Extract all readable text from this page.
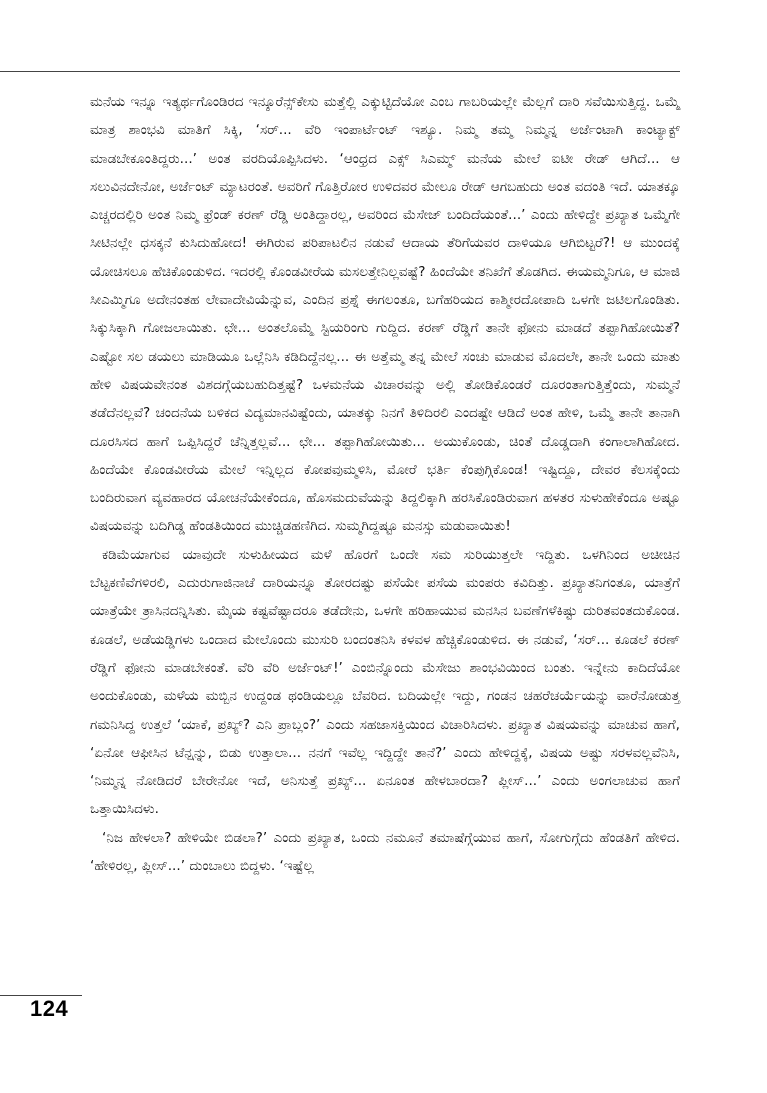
ಮನೆಯ ಇನ್ನೂ ಇತ್ಯರ್ಥಗೊಂಡಿರದ ಇನ್ಶೂರೆನ್ಸ್‌ಕೇಸು ಮತ್ತೆಲ್ಲಿ ಎಕ್ಕುಟ್ಟಿದೆಯೋ ಎಂಬ ಗಾಬರಿಯಲ್ಲೇ ಮೆಲ್ಲಗೆ ದಾರಿ ಸವೆಯಿಸುತ್ತಿದ್ದ. ಒಮ್ಮೆ ಮಾತ್ರ ಶಾಂಭವಿ ಮಾತಿಗೆ ಸಿಕ್ಕಿ, ‘ಸರ್... ವೆರಿ ಇಂಪಾರ್ಟೆಂಟ್ ಇಶ್ಯೂ. ನಿಮ್ಮ ತಮ್ಮ ನಿಮ್ಮನ್ನ ಅರ್ಜೆಂಟಾಗಿ ಕಾಂಟ್ಯಾಕ್ಟ್ ಮಾಡಬೇಕೂಂತಿದ್ದರು...’ ಅಂತ ವರದಿಯೊಪ್ಪಿಸಿದಳು. ‘ಆಂಧ್ರದ ಎಕ್ಸ್ ಸಿಎಮ್ಮ್ ಮನೆಯ ಮೇಲೆ ಐಟೀ ರೇಡ್ ಆಗಿದೆ... ಆ ಸಲುವಿನದೇನೋ, ಅರ್ಜೆಂಟ್ ಮ್ಯಾಟರಂತೆ. ಅವರಿಗೆ ಗೊತ್ತಿರೋರ ಉಳಿದವರ ಮೇಲೂ ರೇಡ್ ಆಗಬಹುದು ಅಂತ ವದಂತಿ ಇದೆ. ಯಾತಕ್ಕೂ ಎಚ್ಚರದಲ್ಲಿರಿ ಅಂತ ನಿಮ್ಮ ಫ್ರೆಂಡ್ ಕರಣ್ ರೆಡ್ಡಿ ಅಂತಿದ್ದಾರಲ್ಲ, ಅವರಿಂದ ಮೆಸೇಜ್ ಬಂದಿದೆಯಂತೆ...’ ಎಂದು ಹೇಳಿದ್ದೇ ಪ್ರಖ್ಯಾತ ಒಮ್ಮೆಗೇ ಸೀಟಿನಲ್ಲೇ ಧಸಕ್ಕನೆ ಕುಸಿದುಹೋದ! ಈಗಿರುವ ಪರಿಪಾಟಲಿನ ನಡುವೆ ಆದಾಯ ತೆರಿಗೆಯವರ ದಾಳಿಯೂ ಆಗಿಬಿಟ್ಟರೆ?! ಆ ಮುಂದಕ್ಕೆ ಯೋಚಿಸಲೂ ಹೆಚಿಕೊಂಡುಳಿದ. ಇದರಲ್ಲಿ ಕೊಂಡವೀರೆಯ ಮಸಲತ್ತೇನಿಲ್ಲವಷ್ಟೆ? ಹಿಂದೆಯೇ ತನಿಖೆಗೆ ತೊಡಗಿದ. ಈಯಮ್ಮನಿಗೂ, ಆ ಮಾಜಿ ಸೀಎಮ್ಮಿಗೂ ಅದೇನಂತಹ ಲೇವಾದೇವಿಯೆನ್ನುವ, ಎಂದಿನ ಪ್ರಶ್ನೆ ಈಗಲಂತೂ, ಬಗೆಹರಿಯದ ಕಾಶ್ಮೀರದೋಪಾದಿ ಒಳಗೇ ಜಟಿಲಗೊಂಡಿತು. ಸಿಕ್ಕುಸಿಕ್ಕಾಗಿ ಗೋಜಲಾಯಿತು. ಛೇ... ಅಂತಲೊಮ್ಮೆ ಸ್ಟಿಯರಿಂಗು ಗುದ್ದಿದ. ಕರಣ್ ರೆಡ್ಡಿಗೆ ತಾನೇ ಫೋನು ಮಾಡದೆ ತಪ್ಪಾಗಿಹೋಯಿತೆ? ಎಷ್ಟೋ ಸಲ ಡಯಲು ಮಾಡಿಯೂ ಒಲ್ಲೆನಿಸಿ ಕಡಿದಿದ್ದೆನಲ್ಲ... ಈ ಅತ್ತೆಮ್ಮ ತನ್ನ ಮೇಲೆ ಸಂಚು ಮಾಡುವ ಮೊದಲೇ, ತಾನೇ ಒಂದು ಮಾತು ಹೇಳಿ ವಿಷಯವೇನಂತ ವಿಶದಗ್ಗೆಯಬಹುದಿತ್ತಷ್ಟೆ? ಒಳಮನೆಯ ವಿಚಾರವನ್ನು ಅಲ್ಲಿ ತೋಡಿಕೊಂಡರೆ ದೂರಂತಾಗುತ್ತಿತ್ತೆಂದು, ಸುಮ್ಮನೆ ತಡೆದೆನಲ್ಲವೆ? ಚಂದನೆಯ ಬಳಿಕದ ವಿದ್ಯಮಾನವಿಷ್ಟೆಂದು, ಯಾತಕ್ಕು ನಿನಗೆ ತಿಳಿದಿರಲಿ ಎಂದಷ್ಟೇ ಆಡಿದೆ ಅಂತ ಹೇಳಿ, ಒಮ್ಮೆ ತಾನೇ ತಾನಾಗಿ ದೂರಸಿಸದ ಹಾಗೆ ಒಪ್ಪಿಸಿದ್ದರೆ ಚೆನ್ನಿತ್ತಲ್ಲವೆ... ಛೇ... ತಪ್ಪಾಗಿಹೋಯಿತು... ಅಯುಕೊಂಡು, ಚಿಂತೆ ದೊಡ್ಡದಾಗಿ ಕಂಗಾಲಾಗಿಹೋದ. ಹಿಂದೆಯೇ ಕೊಂಡವೀರೆಯ ಮೇಲೆ ಇನ್ನಿಲ್ಲದ ಕೋಪವುಮ್ಮಳಿಸಿ, ಮೋರೆ ಭರ್ತಿ ಕೆಂಪುಗ್ಗಿಕೊಂಡ! ಇಷ್ಟಿದ್ದೂ, ದೇವರ ಕೆಲಸಕ್ಕೆಂದು ಬಂದಿರುವಾಗ ವ್ಯವಹಾರದ ಯೋಚನೆಯೇಕೆಂದೂ, ಹೊಸಮದುವೆಯನ್ನು ತಿದ್ದಲಿಕ್ಕಾಗಿ ಹರಸಿಕೊಂಡಿರುವಾಗ ಹಳತರ ಸುಳುಹೇಕೆಂದೂ ಅಷ್ಟೂ ವಿಷಯವನ್ನು ಬದಿಗಿಡ್ಡ ಹೆಂಡತಿಯಿಂದ ಮುಚ್ಚಿಡಹಣಿಗಿದ. ಸುಮ್ಮಗಿದ್ದಷ್ಟೂ ಮನಸ್ಸು ಮಡುವಾಯಿತು!

ಕಡಿಮೆಯಾಗುವ ಯಾವುದೇ ಸುಳುಹೀಯದ ಮಳೆ ಹೊರಗೆ ಒಂದೇ ಸಮ ಸುರಿಯುತ್ತಲೇ ಇದ್ದಿತು. ಒಳಗಿನಿಂದ ಅಚೀಚಿನ ಬೆಟ್ಟಕಣಿವೆಗಳಿರಲಿ, ಎದುರುಗಾಜಿನಾಚೆ ದಾರಿಯನ್ನೂ ತೋರದಷ್ಟು ಪಸೆಯೇ ಪಸೆಯ ಮಂಪರು ಕವಿದಿತ್ತು. ಪ್ರಖ್ಯಾತನಿಗಂತೂ, ಯಾತ್ರೆಗೆ ಯಾತ್ರೆಯೇ ತ್ರಾಸಿನದನ್ನಿಸಿತು. ಮೈಯ ಕಷ್ಟವೆಷ್ಟಾದರೂ ತಡೆದೇನು, ಒಳಗೇ ಹರಿಹಾಯುವ ಮನಸಿನ ಬವಣೆಗಳೆಕಿಷ್ಟು ದುರಿತವಂತದುಕೊಂಡ. ಕೂಡಲೆ, ಅಡೆಯಡ್ಡಿಗಳು ಒಂದಾದ ಮೇಲೊಂದು ಮುಸುರಿ ಬಂದಂತನಿಸಿ ಕಳವಳ ಹೆಚ್ಚಿಕೊಂಡುಳಿದ. ಈ ನಡುವೆ, ‘ಸರ್... ಕೂಡಲೆ ಕರಣ್ ರೆಡ್ಡಿಗೆ ಫೋನು ಮಾಡಬೇಕಂತೆ. ವೆರಿ ವೆರಿ ಅರ್ಜೆಂಟ್!’ ಎಂಬಿನ್ನೊಂದು ಮೆಸೇಜು ಶಾಂಭವಿಯಿಂದ ಬಂತು. ಇನ್ನೇನು ಕಾದಿದೆಯೋ ಅಂದುಕೊಂಡು, ಮಳೆಯ ಮಬ್ಬಿನ ಉದ್ದಂಡ ಥಂಡಿಯಲ್ಲೂ ಬೆವರಿದ. ಬದಿಯಲ್ಲೇ ಇದ್ದು, ಗಂಡನ ಚಹರೆಚರ್ಯೆಯನ್ನು ವಾರೆನೋಡುತ್ತ ಗಮನಿಸಿದ್ದ ಉತ್ತಲೆ ‘ಯಾಕೆ, ಪ್ರಖ್ಯ್? ಎನಿ ಪ್ರಾಬ್ಲಂ?’ ಎಂದು ಸಹಜಾಸಕ್ತಿಯಿಂದ ವಿಚಾರಿಸಿದಳು. ಪ್ರಖ್ಯಾತ ವಿಷಯವನ್ನು ಮಾಚುವ ಹಾಗೆ, ‘ಏನೋ ಆಫೀಸಿನ ಟೆನ್ಷನ್ನು, ಬಿಡು ಉತ್ತಾಲಾ... ನನಗೆ ಇವೆಲ್ಲ ಇದ್ದಿದ್ದೇ ತಾನೆ?’ ಎಂದು ಹೇಳಿದ್ದಕ್ಕೆ, ವಿಷಯ ಅಷ್ಟು ಸರಳವಲ್ಲವೆನಿಸಿ, ‘ನಿಮ್ಮನ್ನ ನೋಡಿದರೆ ಬೇರೇನೋ ಇದೆ, ಅನಿಸುತ್ತೆ ಪ್ರಖ್ಯ್... ಏನೂಂತ ಹೇಳಬಾರದಾ? ಪ್ಲೀಸ್...’ ಎಂದು ಅಂಗಲಾಚುವ ಹಾಗೆ ಒತ್ತಾಯಿಸಿದಳು.

‘ನಿಜ ಹೇಳಲಾ? ಹೇಳಿಯೇ ಬಿಡಲಾ?’ ಎಂದು ಪ್ರಖ್ಯಾತ, ಒಂದು ನಮೂನೆ ತಮಾಷೆಗ್ಗೆಯುವ ಹಾಗೆ, ಸೋಗುಗ್ಗೆದು ಹೆಂಡತಿಗೆ ಹೇಳಿದ. ‘ಹೇಳಿರಲ್ಲ, ಪ್ಲೀಸ್...’ ದುಂಬಾಲು ಬಿದ್ದಳು. ‘ಇಷ್ಟೆಲ್ಲ

124
